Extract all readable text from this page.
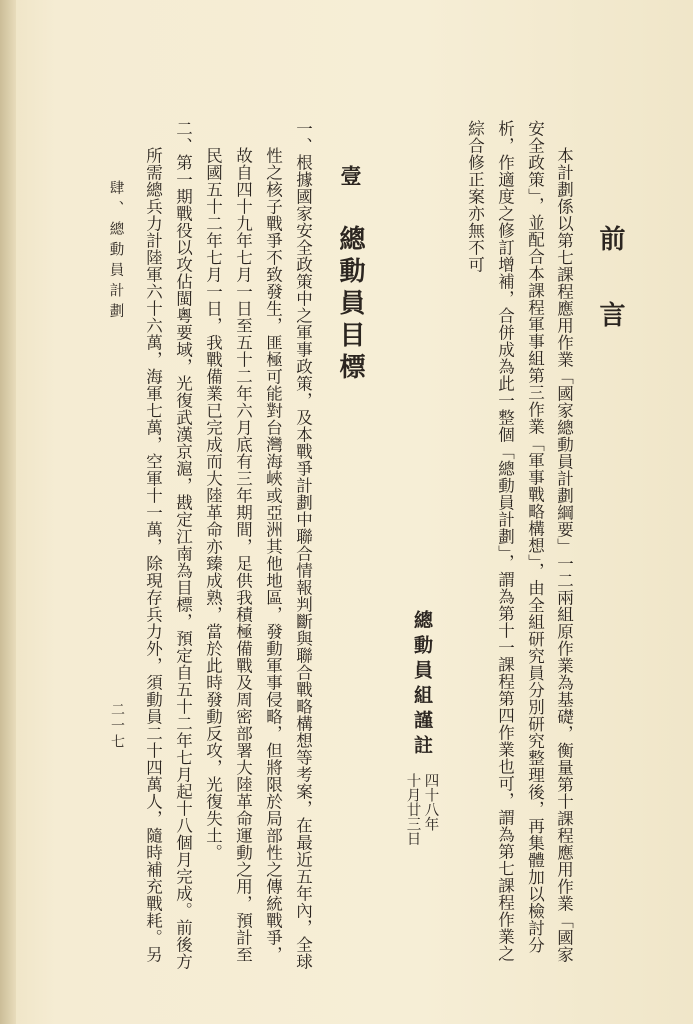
前言
本計劃係以第七課程應用作業「國家總動員計劃綱要」一二兩組原作業為基礎，衡量第十課程應用作業「國家
安全政策」，並配合本課程軍事組第三作業「軍事戰略構想」，由全組研究員分別研究整理後，再集體加以檢討分
析，作適度之修訂增補，合併成為此一整個「總動員計劃」，謂為第十一課程第四作業也可，謂為第七課程作業之
綜合修正案亦無不可
總動員組謹註
四十八年
十月廿三日
壹
總動員目標
一、根據國家安全政策中之軍事政策，及本戰爭計劃中聯合情報判斷與聯合戰略構想等考案，在最近五年內，全球
性之核子戰爭不致發生，匪極可能對台灣海峽或亞洲其他地區，發動軍事侵略，但將限於局部性之傳統戰爭，
故自四十九年七月一日至五十二年六月底有三年期間，足供我積極備戰及周密部署大陸革命運動之用，預計至
民國五十二年七月一日，我戰備業已完成而大陸革命亦臻成熟，當於此時發動反攻，光復失土。
二、第一期戰役以攻佔閩粵要域，光復武漢京滬，戡定江南為目標，預定自五十二年七月起十八個月完成。前後方
所需總兵力計陸軍六十六萬，海軍七萬，空軍十一萬，除現存兵力外，須動員二十四萬人，隨時補充戰耗。另
肆、總動員計劃
二一七
